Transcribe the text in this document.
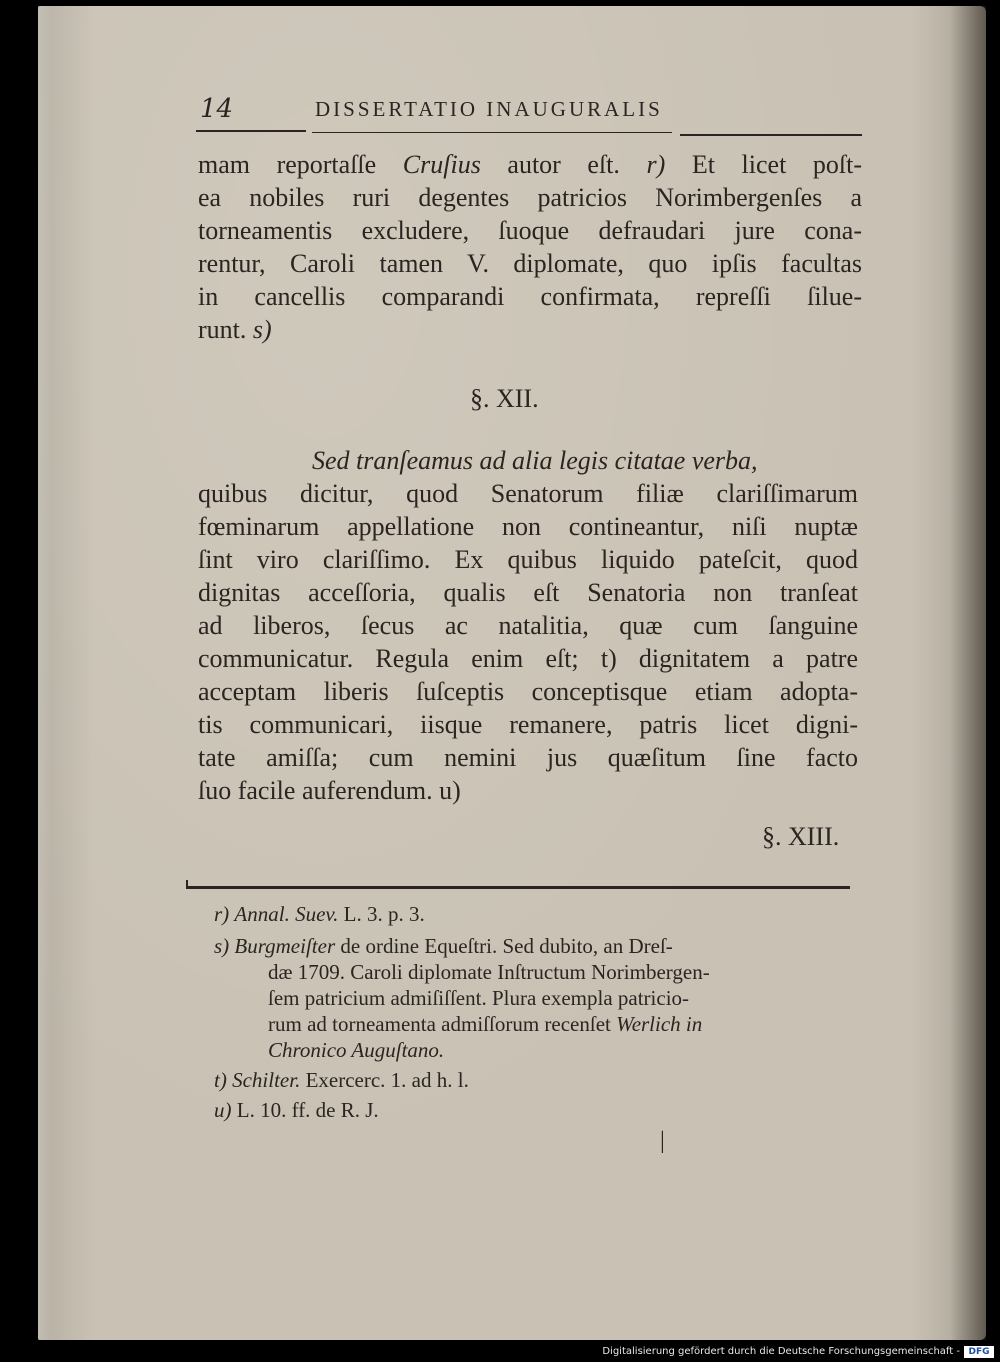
14	DISSERTATIO INAUGURALIS
mam reportaſſe Cruſius autor eſt. r) Et licet poſt-
ea nobiles ruri degentes patricios Norimbergenſes a
torneamentis excludere, ſuoque defraudari jure cona-
rentur, Caroli tamen V. diplomate, quo ipſis facultas
in cancellis comparandi confirmata, repreſſi ſilue-
runt. s)
§. XII.
Sed tranſeamus ad alia legis citatae verba,
quibus dicitur, quod Senatorum filiæ clariſſimarum
fœminarum appellatione non contineantur, niſi nuptæ
ſint viro clariſſimo. Ex quibus liquido pateſcit, quod
dignitas acceſſoria, qualis eſt Senatoria non tranſeat
ad liberos, ſecus ac natalitia, quæ cum ſanguine
communicatur. Regula enim eſt; t) dignitatem a patre
acceptam liberis ſuſceptis conceptisque etiam adopta-
tis communicari, iisque remanere, patris licet digni-
tate amiſſa; cum nemini jus quæſitum ſine facto
ſuo facile auferendum. u)
§. XIII.
r) Annal. Suev. L. 3. p. 3.
s) Burgmeiſter de ordine Equeſtri. Sed dubito, an Dreſ-
dæ 1709. Caroli diplomate Inſtructum Norimbergen-
ſem patricium admiſiſſent. Plura exempla patricio-
rum ad torneamenta admiſſorum recenſet Werlich in
Chronico Auguſtano.
t) Schilter. Exercerc. 1. ad h. l.
u) L. 10. ff. de R. J.
|
Digitalisierung gefördert durch die Deutsche Forschungsgemeinschaft - DFG
